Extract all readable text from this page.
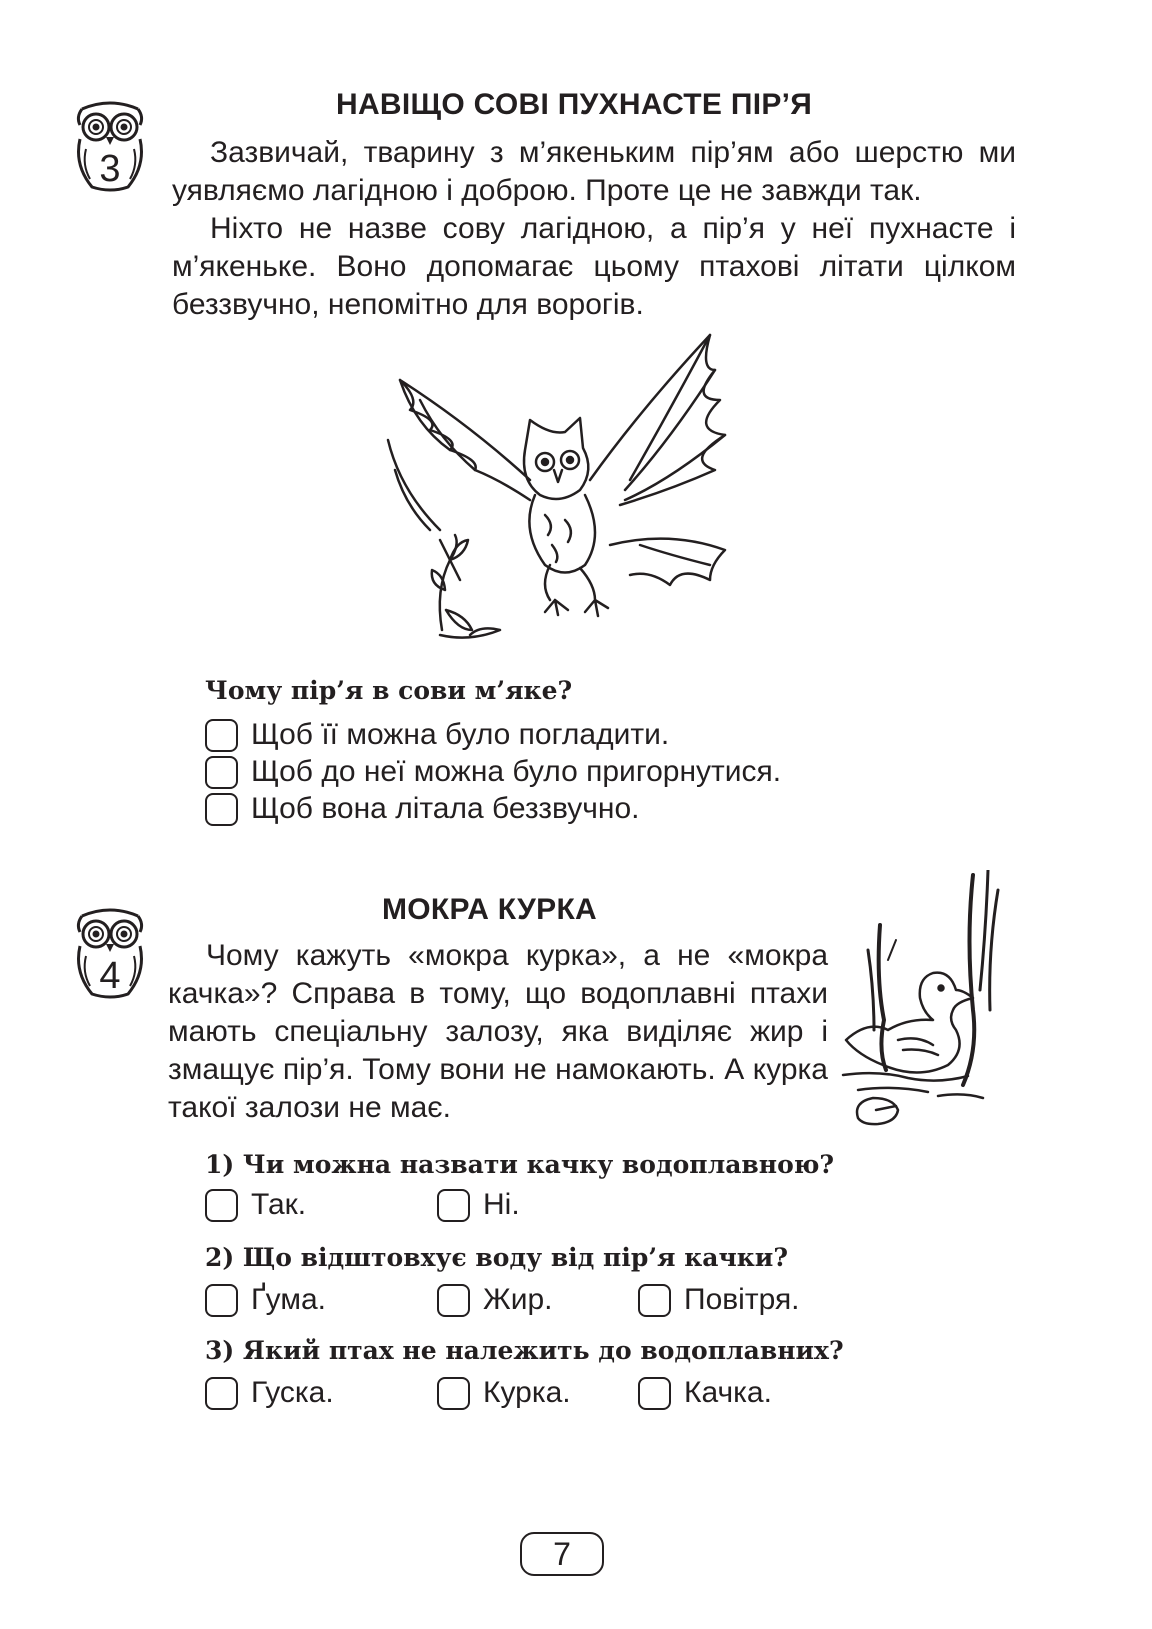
3
НАВІЩО СОВІ ПУХНАСТЕ ПІР’Я

Зазвичай, тварину з м’якеньким пір’ям або шерстю ми уявляємо лагідною і доброю. Проте це не завжди так.

Ніхто не назве сову лагідною, а пір’я у неї пухнасте і м’якеньке. Воно допомагає цьому птахові літати цілком беззвучно, непомітно для ворогів.

Чому пір’я в сови м’яке?
Щоб її можна було погладити.
Щоб до неї можна було пригорнутися.
Щоб вона літала беззвучно.
4
МОКРА КУРКА

Чому кажуть «мокра курка», а не «мокра качка»? Справа в тому, що водоплавні птахи мають спеціальну залозу, яка виділяє жир і змащує пір’я. Тому вони не намокають. А курка такої залози не має.

1) Чи можна назвати качку водоплавною?
Так.	Ні.
2) Що відштовхує воду від пір’я качки?
Ґума.	Жир.	Повітря.
3) Який птах не належить до водоплавних?
Гуска.	Курка.	Качка.
7
